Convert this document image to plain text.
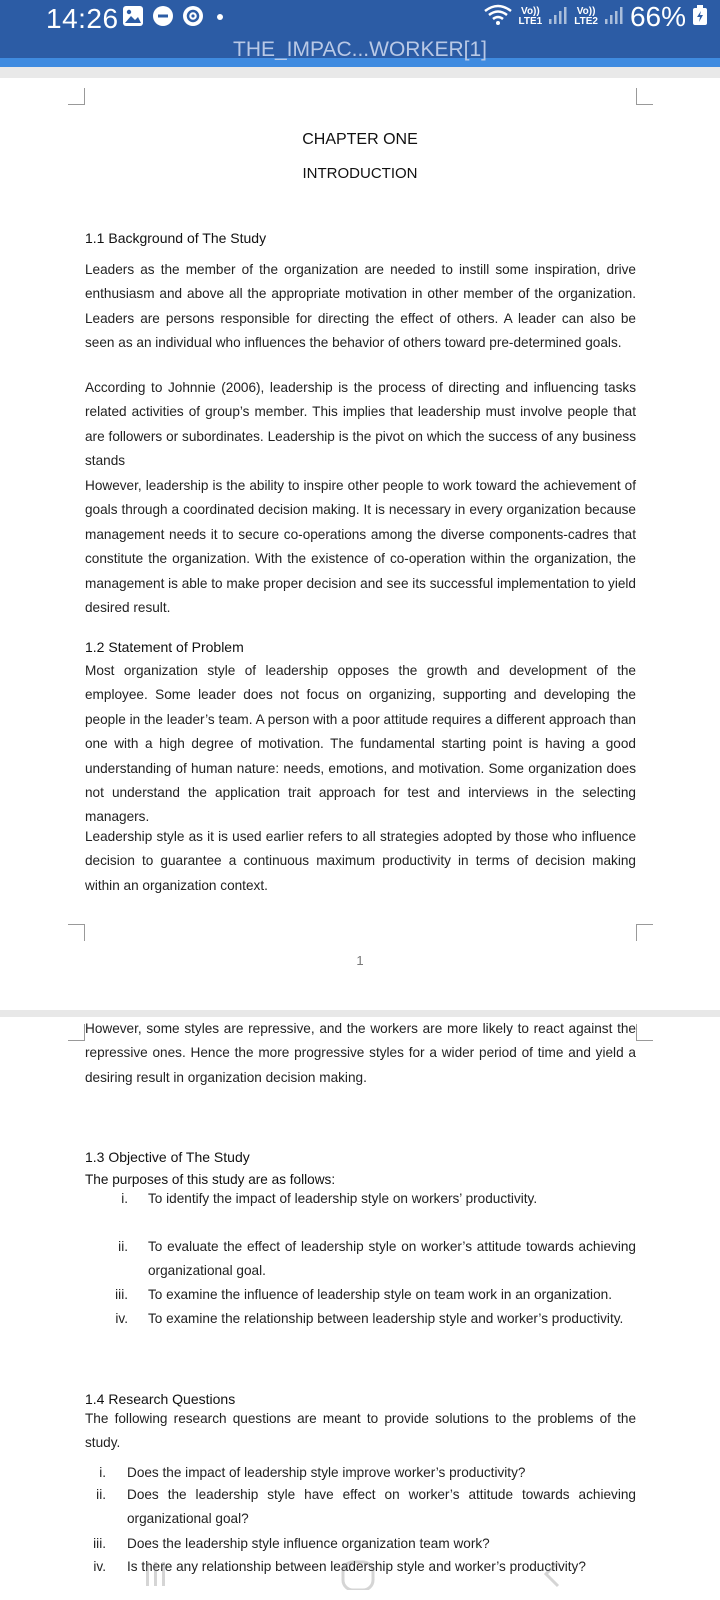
14:26	Vo))
LTE1
Vo))
LTE2 66%
THE_IMPAC...WORKER[1]
CHAPTER ONE
INTRODUCTION
1.1 Background of The Study

Leaders as the member of the organization are needed to instill some inspiration, drive enthusiasm and above all the appropriate motivation in other member of the organization. Leaders are persons responsible for directing the effect of others. A leader can also be seen as an individual who influences the behavior of others toward pre-determined goals.

According to Johnnie (2006), leadership is the process of directing and influencing tasks related activities of group’s member. This implies that leadership must involve people that are followers or subordinates. Leadership is the pivot on which the success of any business stands

However, leadership is the ability to inspire other people to work toward the achievement of goals through a coordinated decision making. It is necessary in every organization because management needs it to secure co-operations among the diverse components-cadres that constitute the organization. With the existence of co-operation within the organization, the management is able to make proper decision and see its successful implementation to yield desired result.

1.2 Statement of Problem

Most organization style of leadership opposes the growth and development of the employee. Some leader does not focus on organizing, supporting and developing the people in the leader’s team. A person with a poor attitude requires a different approach than one with a high degree of motivation. The fundamental starting point is having a good understanding of human nature: needs, emotions, and motivation. Some organization does not understand the application trait approach for test and interviews in the selecting managers.

Leadership style as it is used earlier refers to all strategies adopted by those who influence decision to guarantee a continuous maximum productivity in terms of decision making within an organization context.

1

However, some styles are repressive, and the workers are more likely to react against the repressive ones. Hence the more progressive styles for a wider period of time and yield a desiring result in organization decision making.

1.3 Objective of The Study
The purposes of this study are as follows:
i. To identify the impact of leadership style on workers’ productivity.
ii. To evaluate the effect of leadership style on worker’s attitude towards achieving organizational goal.
iii. To examine the influence of leadership style on team work in an organization.
iv. To examine the relationship between leadership style and worker’s productivity.
1.4 Research Questions

The following research questions are meant to provide solutions to the problems of the study.

i. Does the impact of leadership style improve worker’s productivity?
ii. Does the leadership style have effect on worker’s attitude towards achieving organizational goal?
iii. Does the leadership style influence organization team work?
iv. Is there any relationship between leadership style and worker’s productivity?
